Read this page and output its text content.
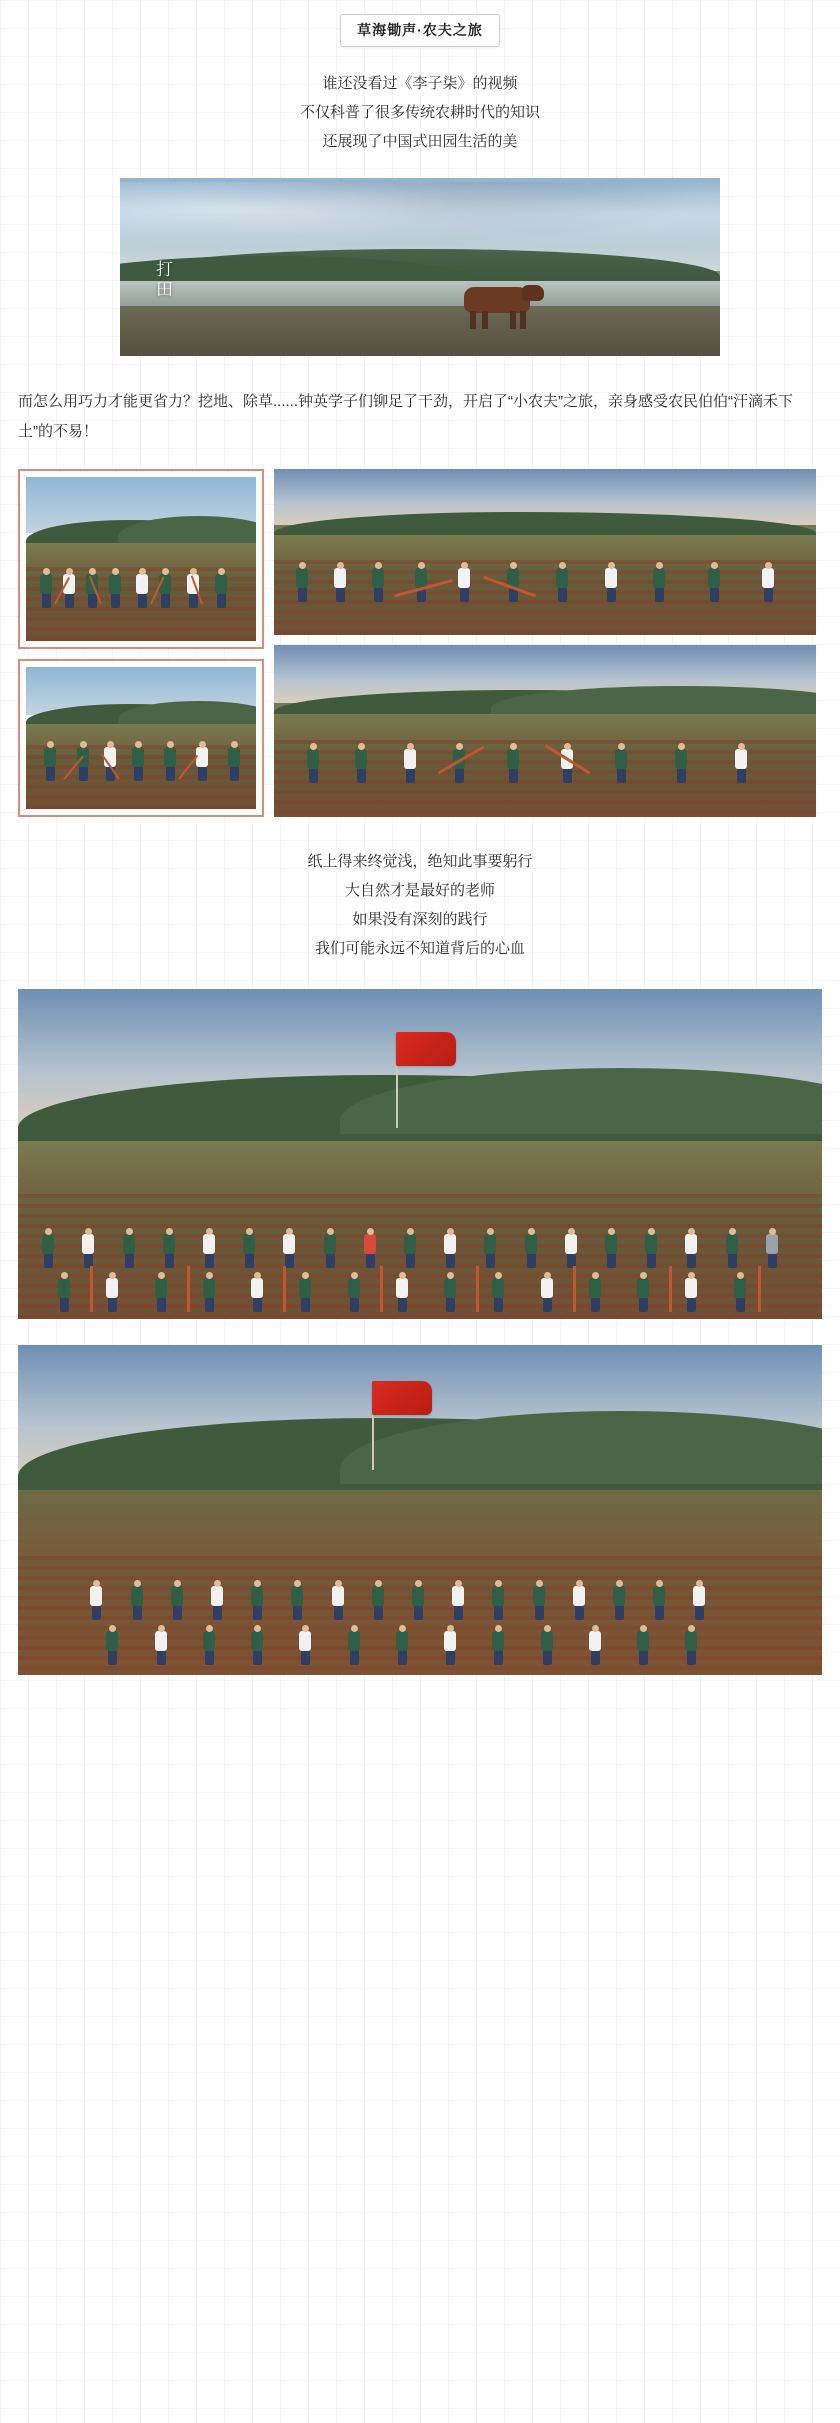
草海锄声·农夫之旅
谁还没看过《李子柒》的视频
不仅科普了很多传统农耕时代的知识
还展现了中国式田园生活的美
打
田
而怎么用巧力才能更省力？挖地、除草......钟英学子们铆足了干劲，开启了“小农夫”之旅，亲身感受农民伯伯“汗滴禾下土”的不易！
纸上得来终觉浅，绝知此事要躬行
大自然才是最好的老师
如果没有深刻的践行
我们可能永远不知道背后的心血
